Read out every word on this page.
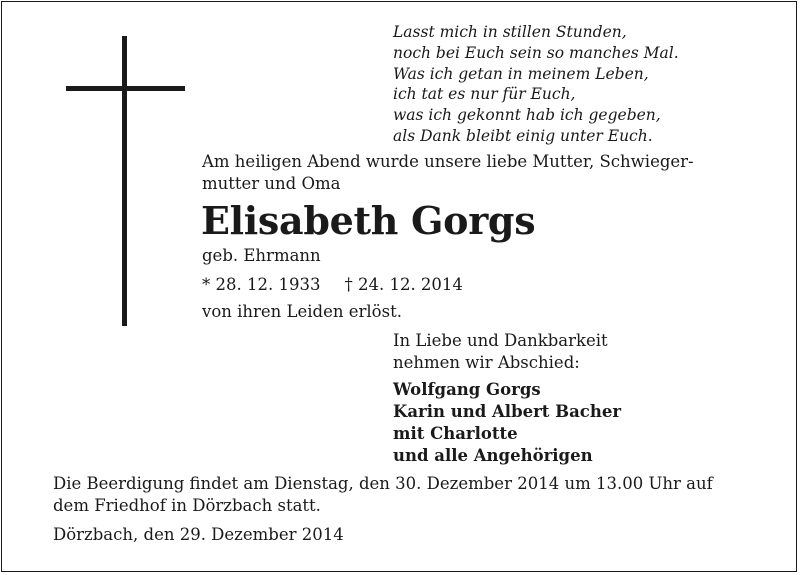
Lasst mich in stillen Stunden,
noch bei Euch sein so manches Mal.
Was ich getan in meinem Leben,
ich tat es nur für Euch,
was ich gekonnt hab ich gegeben,
als Dank bleibt einig unter Euch.
Am heiligen Abend wurde unsere liebe Mutter, Schwieger-
mutter und Oma
Elisabeth Gorgs
geb. Ehrmann
* 28. 12. 1933 † 24. 12. 2014
von ihren Leiden erlöst.
In Liebe und Dankbarkeit
nehmen wir Abschied:
Wolfgang Gorgs
Karin und Albert Bacher
mit Charlotte
und alle Angehörigen
Die Beerdigung findet am Dienstag, den 30. Dezember 2014 um 13.00 Uhr auf
dem Friedhof in Dörzbach statt.
Dörzbach, den 29. Dezember 2014
